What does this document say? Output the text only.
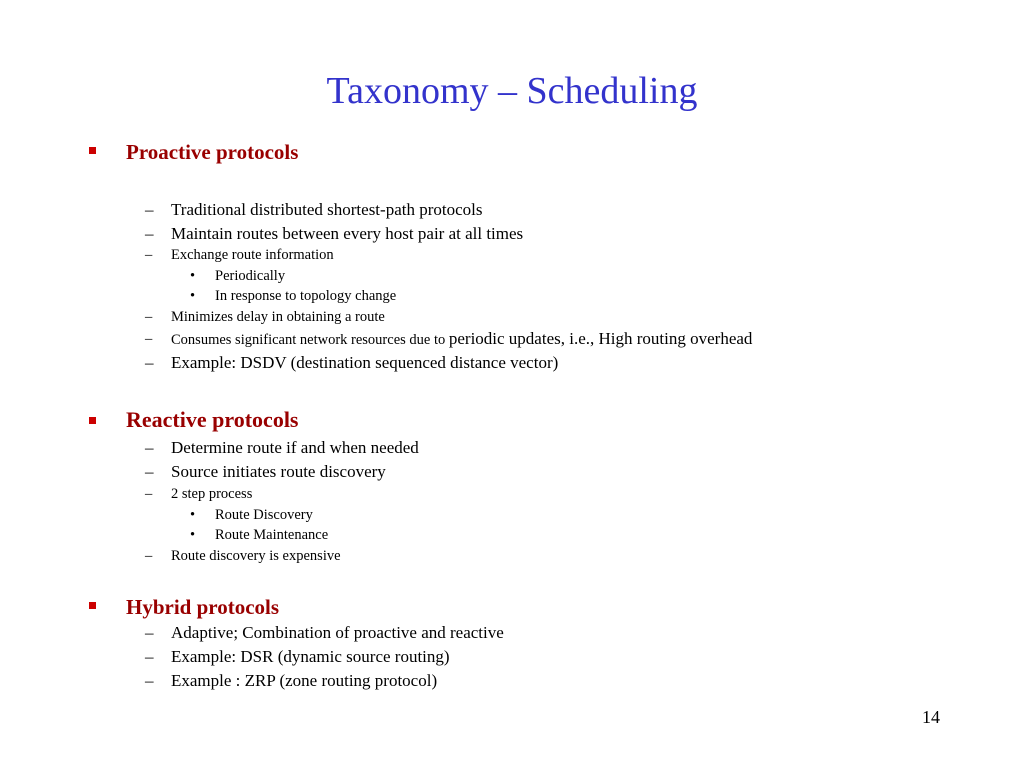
Taxonomy – Scheduling
Proactive protocols
– Traditional distributed shortest-path protocols
– Maintain routes between every host pair at all times
– Exchange route information
• Periodically
• In response to topology change
– Minimizes delay in obtaining a route
– Consumes significant network resources due to periodic updates, i.e., High routing overhead
– Example: DSDV (destination sequenced distance vector)
Reactive protocols
– Determine route if and when needed
– Source initiates route discovery
– 2 step process
• Route Discovery
• Route Maintenance
– Route discovery is expensive
Hybrid protocols
– Adaptive; Combination of proactive and reactive
– Example: DSR (dynamic source routing)
– Example : ZRP (zone routing protocol)
14
